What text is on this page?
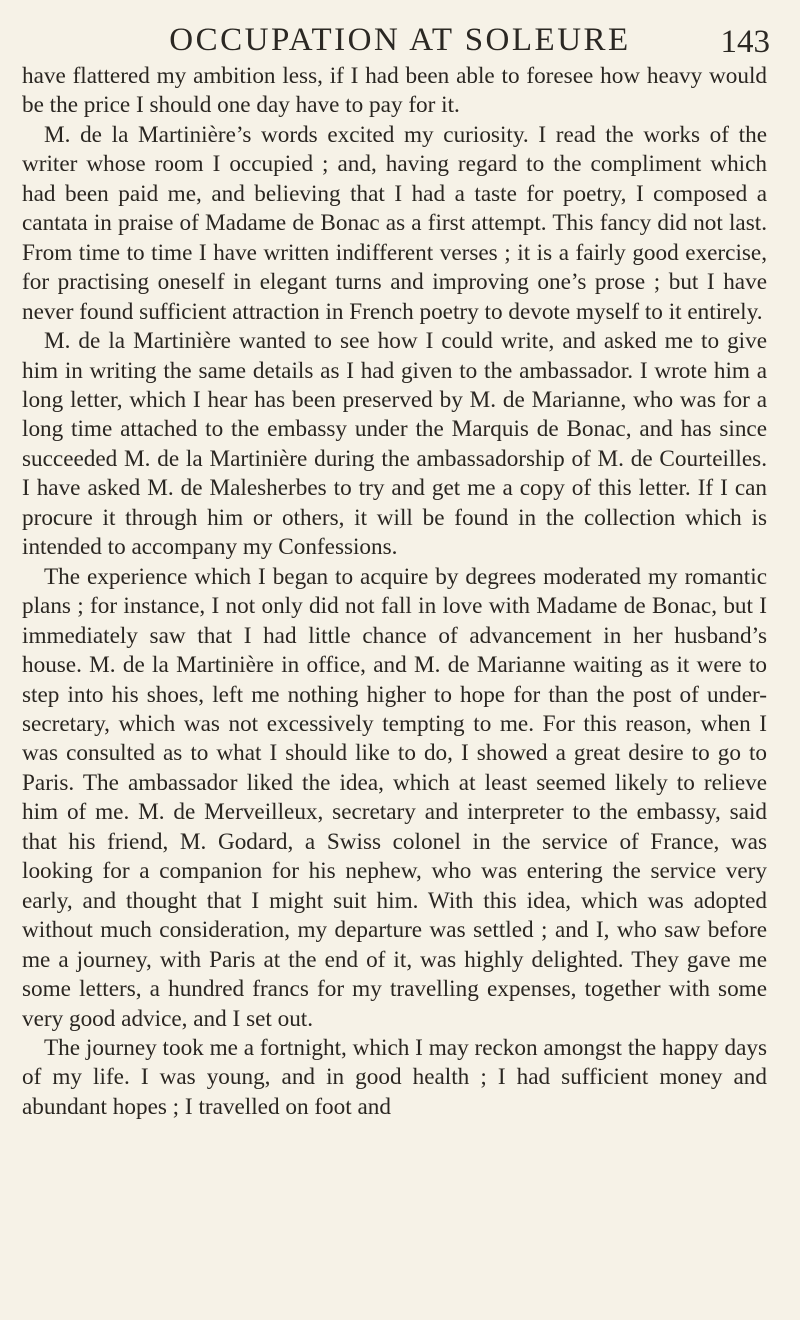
OCCUPATION AT SOLEURE	143

have flattered my ambition less, if I had been able to foresee how heavy would be the price I should one day have to pay for it.

M. de la Martinière’s words excited my curiosity. I read the works of the writer whose room I occupied ; and, having regard to the compliment which had been paid me, and believing that I had a taste for poetry, I composed a cantata in praise of Madame de Bonac as a first attempt. This fancy did not last. From time to time I have written indifferent verses ; it is a fairly good exercise, for practising oneself in elegant turns and improving one’s prose ; but I have never found sufficient attraction in French poetry to devote myself to it entirely.

M. de la Martinière wanted to see how I could write, and asked me to give him in writing the same details as I had given to the ambassador. I wrote him a long letter, which I hear has been preserved by M. de Marianne, who was for a long time attached to the embassy under the Marquis de Bonac, and has since succeeded M. de la Martinière during the ambassadorship of M. de Courteilles. I have asked M. de Malesherbes to try and get me a copy of this letter. If I can procure it through him or others, it will be found in the collection which is intended to accompany my Confessions.

The experience which I began to acquire by degrees moderated my romantic plans ; for instance, I not only did not fall in love with Madame de Bonac, but I immediately saw that I had little chance of advancement in her husband’s house. M. de la Martinière in office, and M. de Marianne waiting as it were to step into his shoes, left me nothing higher to hope for than the post of under-secretary, which was not excessively tempting to me. For this reason, when I was consulted as to what I should like to do, I showed a great desire to go to Paris. The ambassador liked the idea, which at least seemed likely to relieve him of me. M. de Merveilleux, secretary and interpreter to the embassy, said that his friend, M. Godard, a Swiss colonel in the service of France, was looking for a companion for his nephew, who was entering the service very early, and thought that I might suit him. With this idea, which was adopted without much consideration, my departure was settled ; and I, who saw before me a journey, with Paris at the end of it, was highly delighted. They gave me some letters, a hundred francs for my travelling expenses, together with some very good advice, and I set out.

The journey took me a fortnight, which I may reckon amongst the happy days of my life. I was young, and in good health ; I had sufficient money and abundant hopes ; I travelled on foot and
